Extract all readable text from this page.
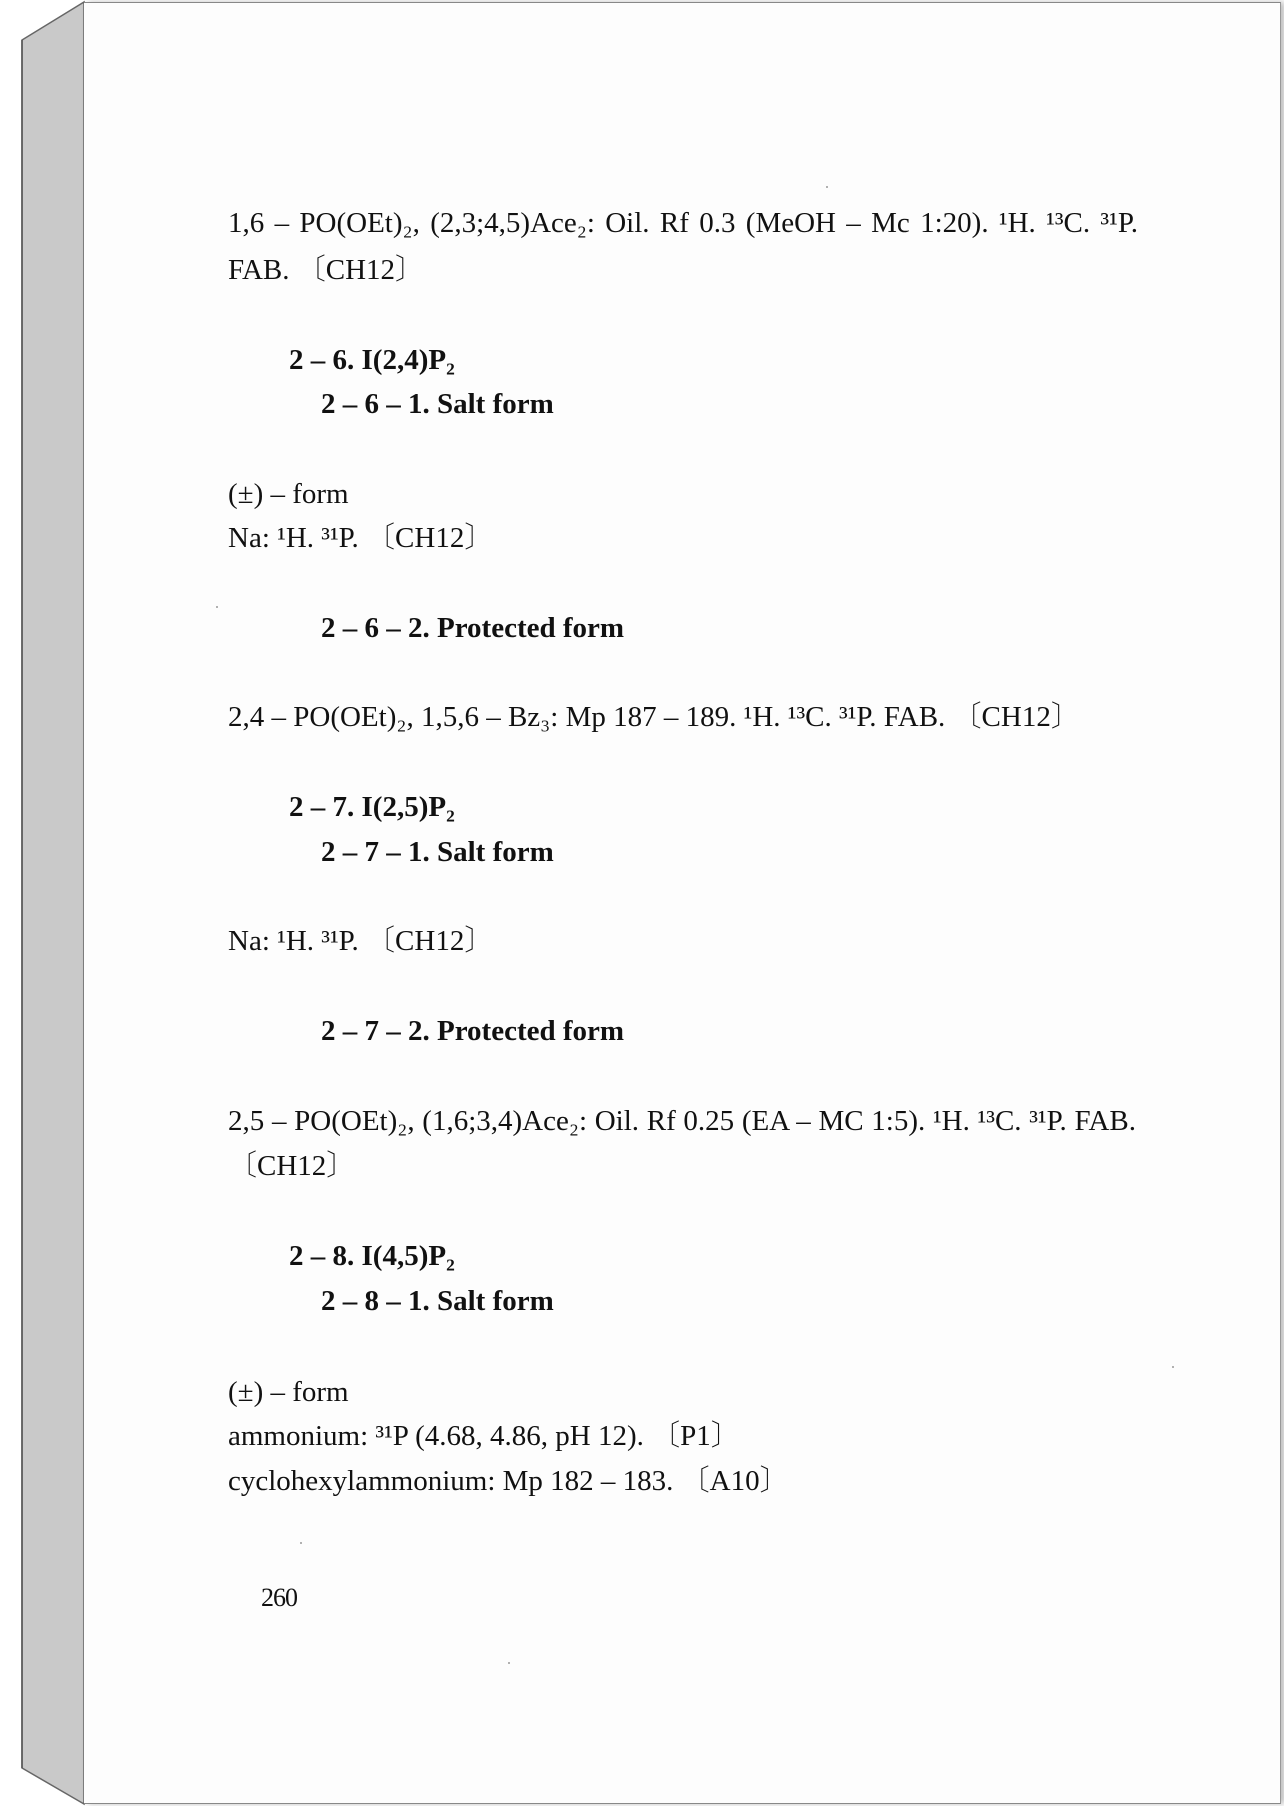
1,6 – PO(OEt)₂, (2,3;4,5)Ace₂: Oil. Rf 0.3 (MeOH – Mc 1:20). ¹H. ¹³C. ³¹P.
FAB. 〔CH12〕
2 – 6. I(2,4)P₂
2 – 6 – 1. Salt form
(±) – form
Na: ¹H. ³¹P. 〔CH12〕
2 – 6 – 2. Protected form
2,4 – PO(OEt)₂, 1,5,6 – Bz₃: Mp 187 – 189. ¹H. ¹³C. ³¹P. FAB. 〔CH12〕
2 – 7. I(2,5)P₂
2 – 7 – 1. Salt form
Na: ¹H. ³¹P. 〔CH12〕
2 – 7 – 2. Protected form
2,5 – PO(OEt)₂, (1,6;3,4)Ace₂: Oil. Rf 0.25 (EA – MC 1:5). ¹H. ¹³C. ³¹P. FAB.
〔CH12〕
2 – 8. I(4,5)P₂
2 – 8 – 1. Salt form
(±) – form
ammonium: ³¹P (4.68, 4.86, pH 12). 〔P1〕
cyclohexylammonium: Mp 182 – 183. 〔A10〕
260
